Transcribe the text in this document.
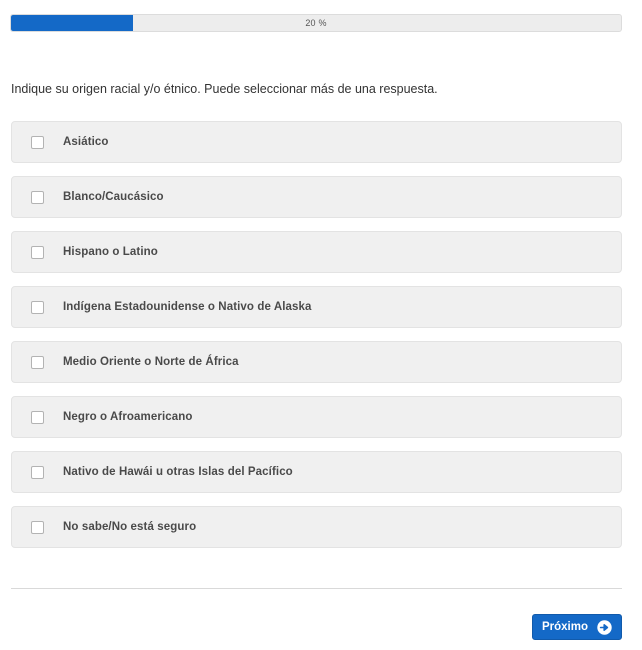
20 %
Indique su origen racial y/o étnico. Puede seleccionar más de una respuesta.
Asiático
Blanco/Caucásico
Hispano o Latino
Indígena Estadounidense o Nativo de Alaska
Medio Oriente o Norte de África
Negro o Afroamericano
Nativo de Hawái u otras Islas del Pacífico
No sabe/No está seguro
Próximo
